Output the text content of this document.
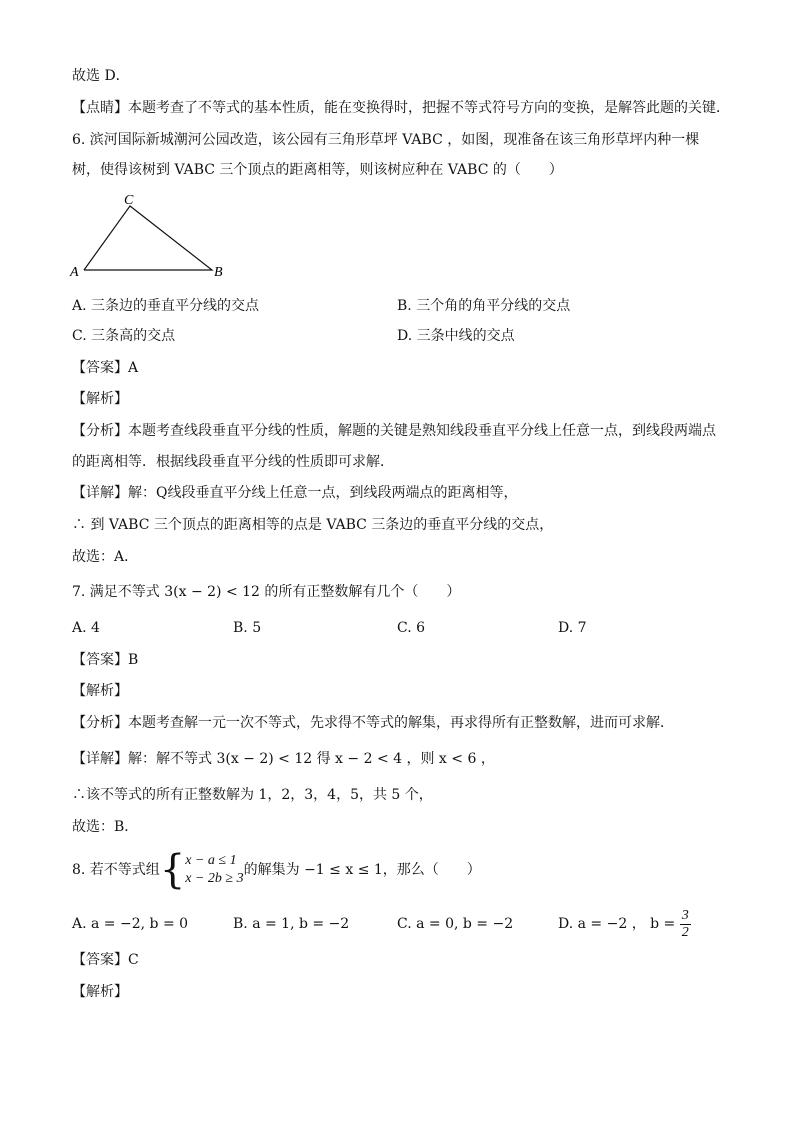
故选 D．
【点睛】本题考查了不等式的基本性质，能在变换得时，把握不等式符号方向的变换，是解答此题的关键．
6. 滨河国际新城潮河公园改造，该公园有三角形草坪 VABC ，如图，现准备在该三角形草坪内种一棵
树，使得该树到 VABC 三个顶点的距离相等，则该树应种在 VABC 的（　　）
C
A	B
A. 三条边的垂直平分线的交点	B. 三个角的角平分线的交点
C. 三条高的交点	D. 三条中线的交点
【答案】A
【解析】
【分析】本题考查线段垂直平分线的性质，解题的关键是熟知线段垂直平分线上任意一点，到线段两端点
的距离相等．根据线段垂直平分线的性质即可求解．
【详解】解：Q线段垂直平分线上任意一点，到线段两端点的距离相等，
∴ 到 VABC 三个顶点的距离相等的点是 VABC 三条边的垂直平分线的交点，
故选：A．
7. 满足不等式 3(x − 2) < 12 的所有正整数解有几个（　　）
A. 4	B. 5	C. 6	D. 7
【答案】B
【解析】
【分析】本题考查解一元一次不等式，先求得不等式的解集，再求得所有正整数解，进而可求解．
【详解】解：解不等式 3(x − 2) < 12 得 x − 2 < 4 ，则 x < 6 ，
∴该不等式的所有正整数解为 1，2，3，4，5，共 5 个，
故选：B．
8. 若不等式组{ x − a ≤ 1
x − 2b ≥ 3
的解集为 −1 ≤ x ≤ 1，那么（　　）
A. a = −2, b = 0	B. a = 1, b = −2	C. a = 0, b = −2	D. a = −2 ， $b = \frac{3}{2}$
【答案】C
【解析】
